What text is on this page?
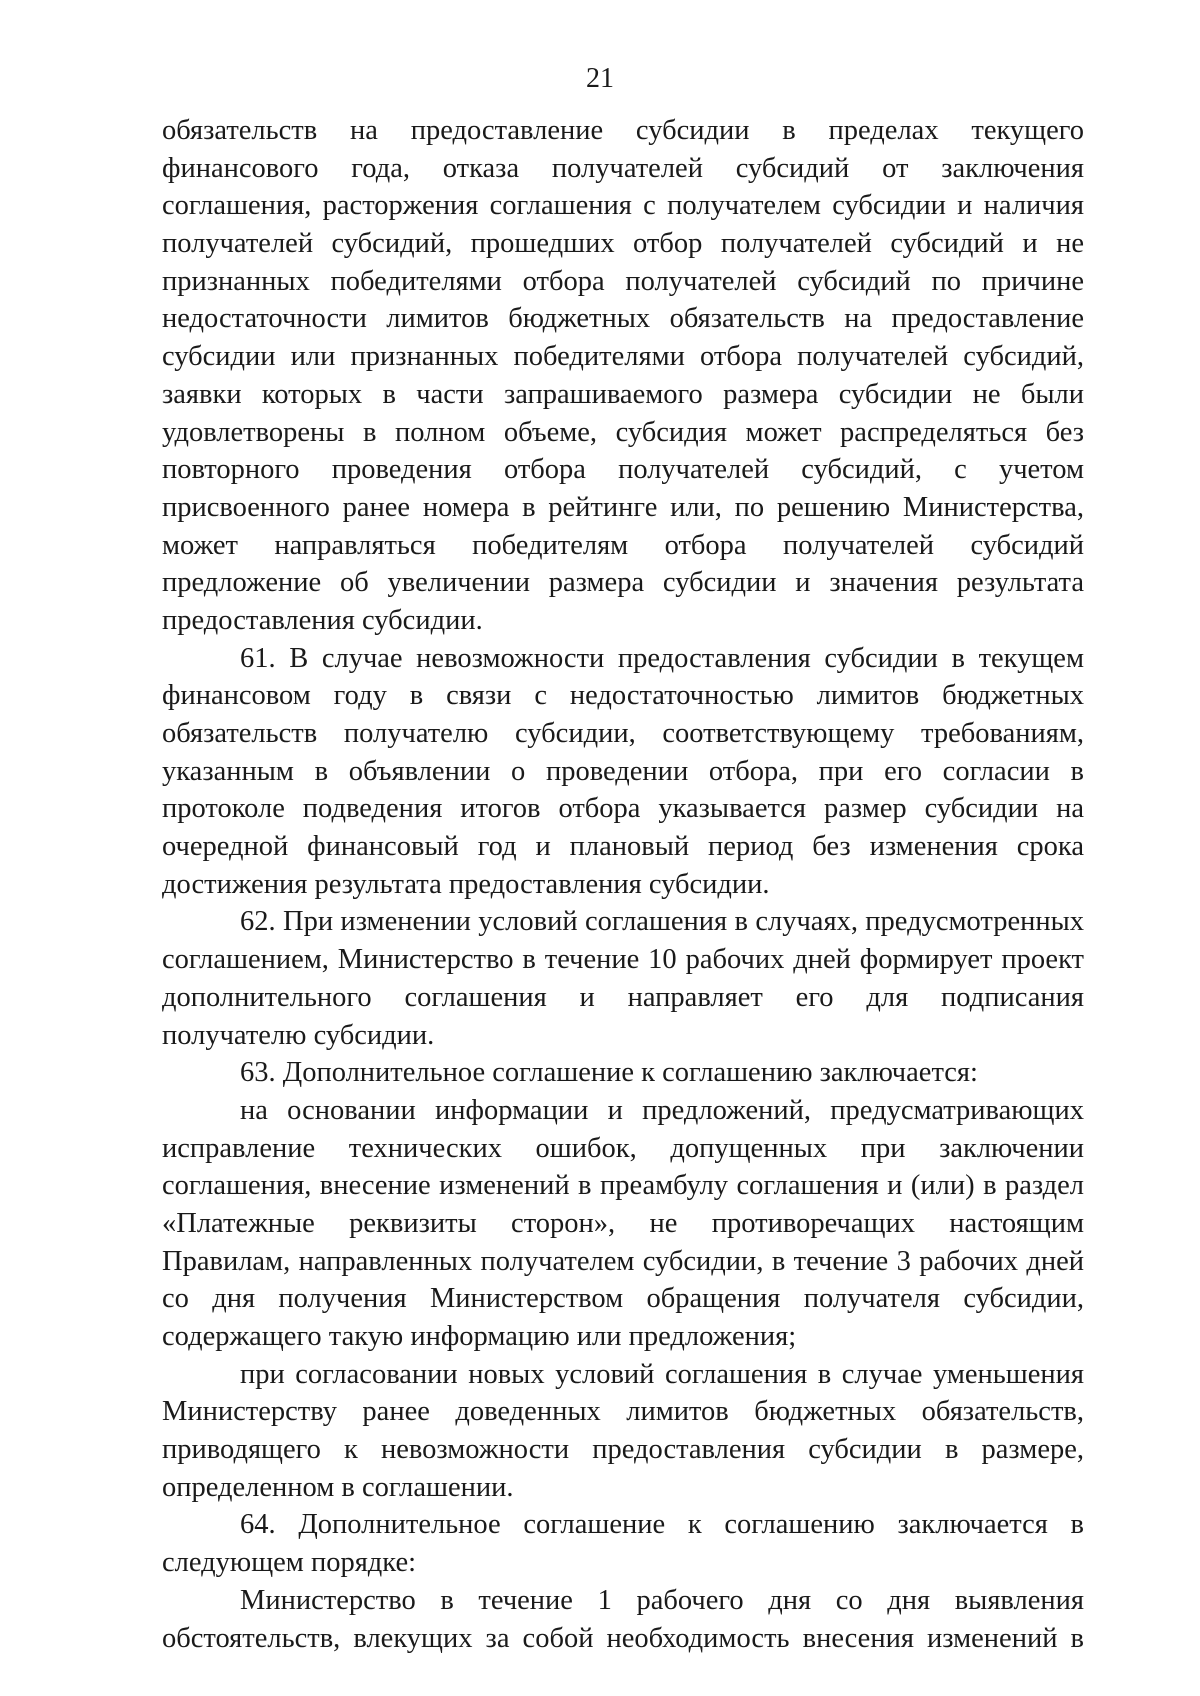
21
обязательств на предоставление субсидии в пределах текущего
финансового года, отказа получателей субсидий от заключения
соглашения, расторжения соглашения с получателем субсидии и наличия
получателей субсидий, прошедших отбор получателей субсидий и не
признанных победителями отбора получателей субсидий по причине
недостаточности лимитов бюджетных обязательств на предоставление
субсидии или признанных победителями отбора получателей субсидий,
заявки которых в части запрашиваемого размера субсидии не были
удовлетворены в полном объеме, субсидия может распределяться без
повторного проведения отбора получателей субсидий, с учетом
присвоенного ранее номера в рейтинге или, по решению Министерства,
может направляться победителям отбора получателей субсидий
предложение об увеличении размера субсидии и значения результата
предоставления субсидии.
61. В случае невозможности предоставления субсидии в текущем
финансовом году в связи с недостаточностью лимитов бюджетных
обязательств получателю субсидии, соответствующему требованиям,
указанным в объявлении о проведении отбора, при его согласии в
протоколе подведения итогов отбора указывается размер субсидии на
очередной финансовый год и плановый период без изменения срока
достижения результата предоставления субсидии.
62. При изменении условий соглашения в случаях, предусмотренных
соглашением, Министерство в течение 10 рабочих дней формирует проект
дополнительного соглашения и направляет его для подписания
получателю субсидии.
63. Дополнительное соглашение к соглашению заключается:
на основании информации и предложений, предусматривающих
исправление технических ошибок, допущенных при заключении
соглашения, внесение изменений в преамбулу соглашения и (или) в раздел
«Платежные реквизиты сторон», не противоречащих настоящим
Правилам, направленных получателем субсидии, в течение 3 рабочих дней
со дня получения Министерством обращения получателя субсидии,
содержащего такую информацию или предложения;
при согласовании новых условий соглашения в случае уменьшения
Министерству ранее доведенных лимитов бюджетных обязательств,
приводящего к невозможности предоставления субсидии в размере,
определенном в соглашении.
64. Дополнительное соглашение к соглашению заключается в
следующем порядке:
Министерство в течение 1 рабочего дня со дня выявления
обстоятельств, влекущих за собой необходимость внесения изменений в
